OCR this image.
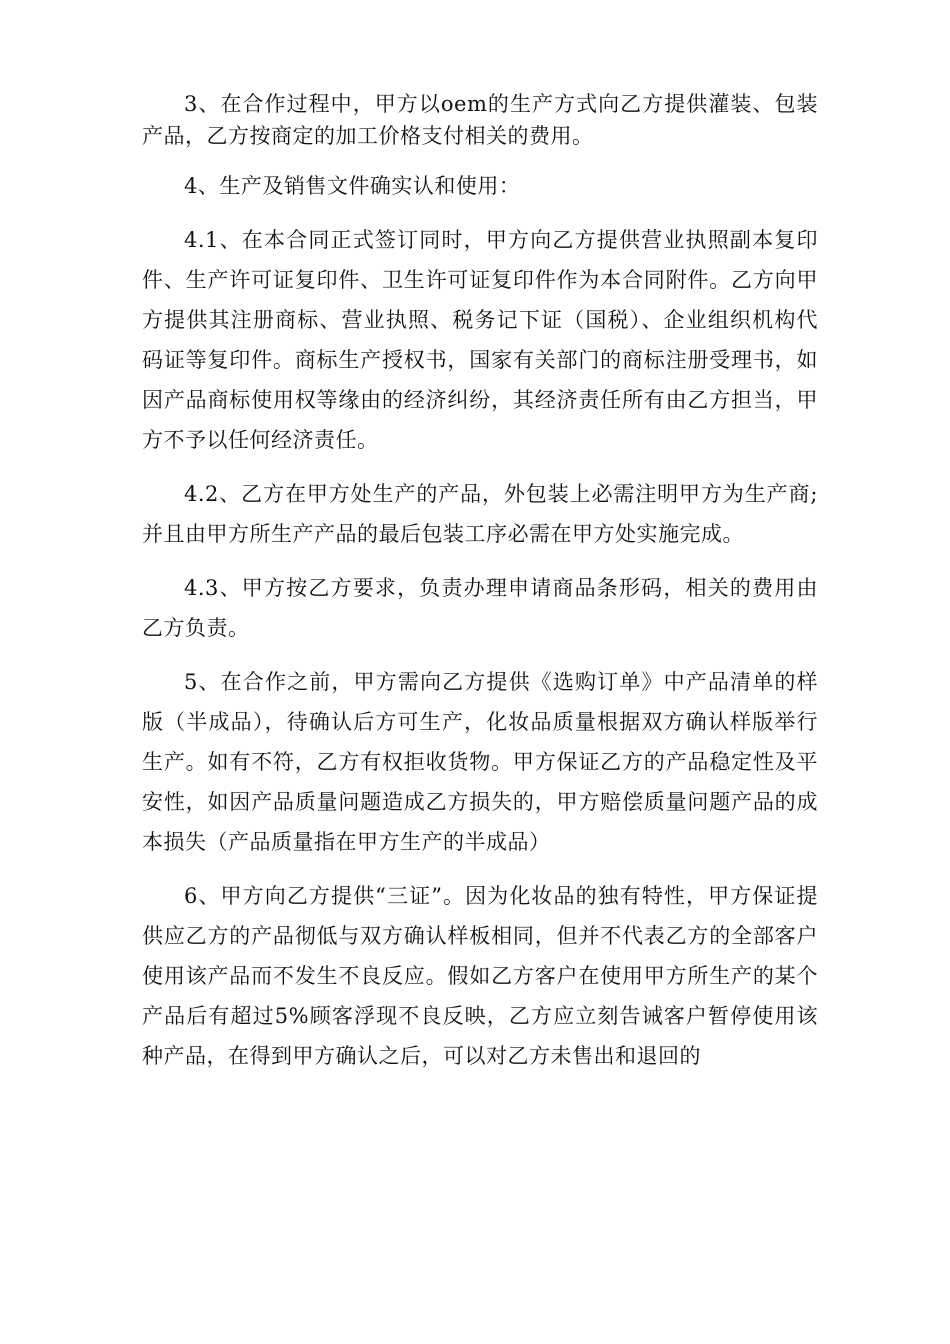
3、在合作过程中，甲方以oem的生产方式向乙方提供灌装、包装产品，乙方按商定的加工价格支付相关的费用。

4、生产及销售文件确实认和使用：

4.1、在本合同正式签订同时，甲方向乙方提供营业执照副本复印件、生产许可证复印件、卫生许可证复印件作为本合同附件。乙方向甲方提供其注册商标、营业执照、税务记下证（国税）、企业组织机构代码证等复印件。商标生产授权书，国家有关部门的商标注册受理书，如因产品商标使用权等缘由的经济纠纷，其经济责任所有由乙方担当，甲方不予以任何经济责任。

4.2、乙方在甲方处生产的产品，外包装上必需注明甲方为生产商;并且由甲方所生产产品的最后包装工序必需在甲方处实施完成。

4.3、甲方按乙方要求，负责办理申请商品条形码，相关的费用由乙方负责。

5、在合作之前，甲方需向乙方提供《选购订单》中产品清单的样版（半成品），待确认后方可生产，化妆品质量根据双方确认样版举行生产。如有不符，乙方有权拒收货物。甲方保证乙方的产品稳定性及平安性，如因产品质量问题造成乙方损失的，甲方赔偿质量问题产品的成本损失（产品质量指在甲方生产的半成品）

6、甲方向乙方提供“三证”。因为化妆品的独有特性，甲方保证提供应乙方的产品彻低与双方确认样板相同，但并不代表乙方的全部客户使用该产品而不发生不良反应。假如乙方客户在使用甲方所生产的某个产品后有超过5%顾客浮现不良反映，乙方应立刻告诫客户暂停使用该种产品，在得到甲方确认之后，可以对乙方未售出和退回的
